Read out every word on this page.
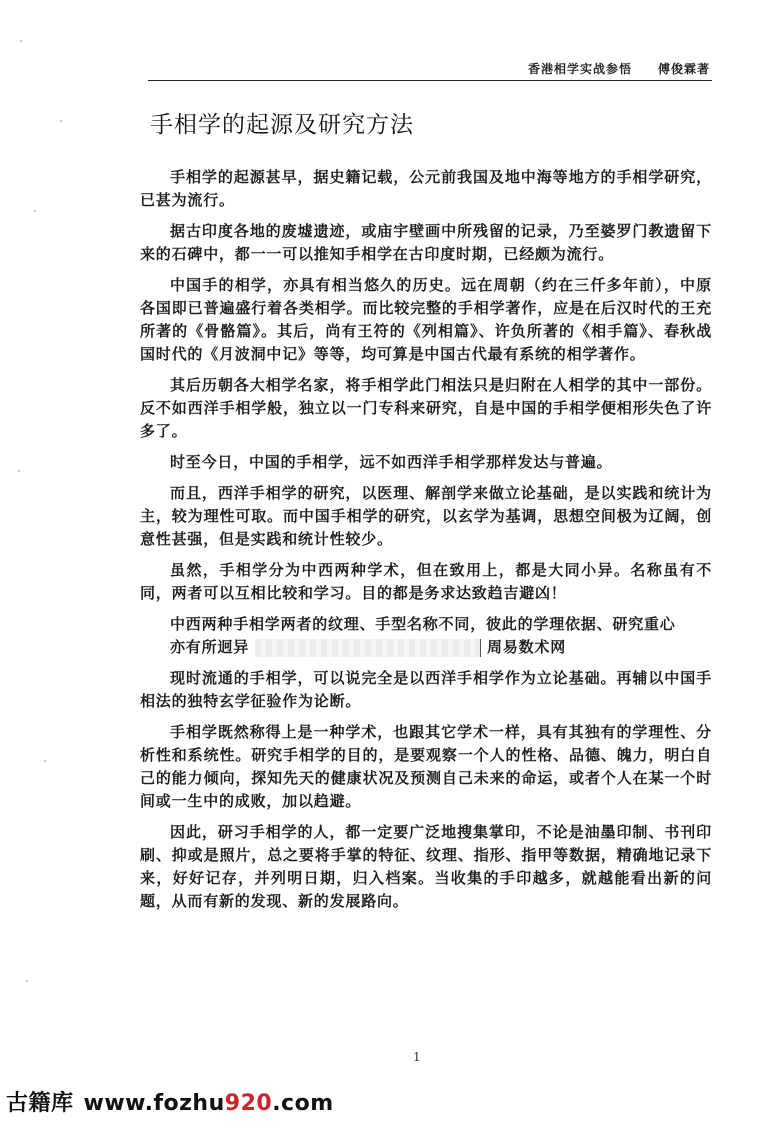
香港相学实战参悟 傅俊霖著
手相学的起源及研究方法

手相学的起源甚早，据史籍记载，公元前我国及地中海等地方的手相学研究，已甚为流行。

据古印度各地的废墟遗迹，或庙宇壁画中所残留的记录，乃至婆罗门教遗留下来的石碑中，都一一可以推知手相学在古印度时期，已经颇为流行。

中国手的相学，亦具有相当悠久的历史。远在周朝（约在三仟多年前），中原各国即已普遍盛行着各类相学。而比较完整的手相学著作，应是在后汉时代的王充所著的《骨骼篇》。其后，尚有王符的《列相篇》、许负所著的《相手篇》、春秋战国时代的《月波洞中记》等等，均可算是中国古代最有系统的相学著作。

其后历朝各大相学名家，将手相学此门相法只是归附在人相学的其中一部份。反不如西洋手相学般，独立以一门专科来研究，自是中国的手相学便相形失色了许多了。

时至今日，中国的手相学，远不如西洋手相学那样发达与普遍。

而且，西洋手相学的研究，以医理、解剖学来做立论基础，是以实践和统计为主，较为理性可取。而中国手相学的研究，以玄学为基调，思想空间极为辽阔，创意性甚强，但是实践和统计性较少。

虽然，手相学分为中西两种学术，但在致用上，都是大同小异。名称虽有不同，两者可以互相比较和学习。目的都是务求达致趋吉避凶！

中西两种手相学两者的纹理、手型名称不同，彼此的学理依据、研究重心
亦有所迥异	周易数术网

现时流通的手相学，可以说完全是以西洋手相学作为立论基础。再辅以中国手相法的独特玄学征验作为论断。

手相学既然称得上是一种学术，也跟其它学术一样，具有其独有的学理性、分析性和系统性。研究手相学的目的，是要观察一个人的性格、品德、魄力，明白自己的能力倾向，探知先天的健康状况及预测自己未来的命运，或者个人在某一个时间或一生中的成败，加以趋避。

因此，研习手相学的人，都一定要广泛地搜集掌印，不论是油墨印制、书刊印刷、抑或是照片，总之要将手掌的特征、纹理、指形、指甲等数据，精确地记录下来，好好记存，并列明日期，归入档案。当收集的手印越多，就越能看出新的问题，从而有新的发现、新的发展路向。

1
古籍库 www.fozhu920.com
